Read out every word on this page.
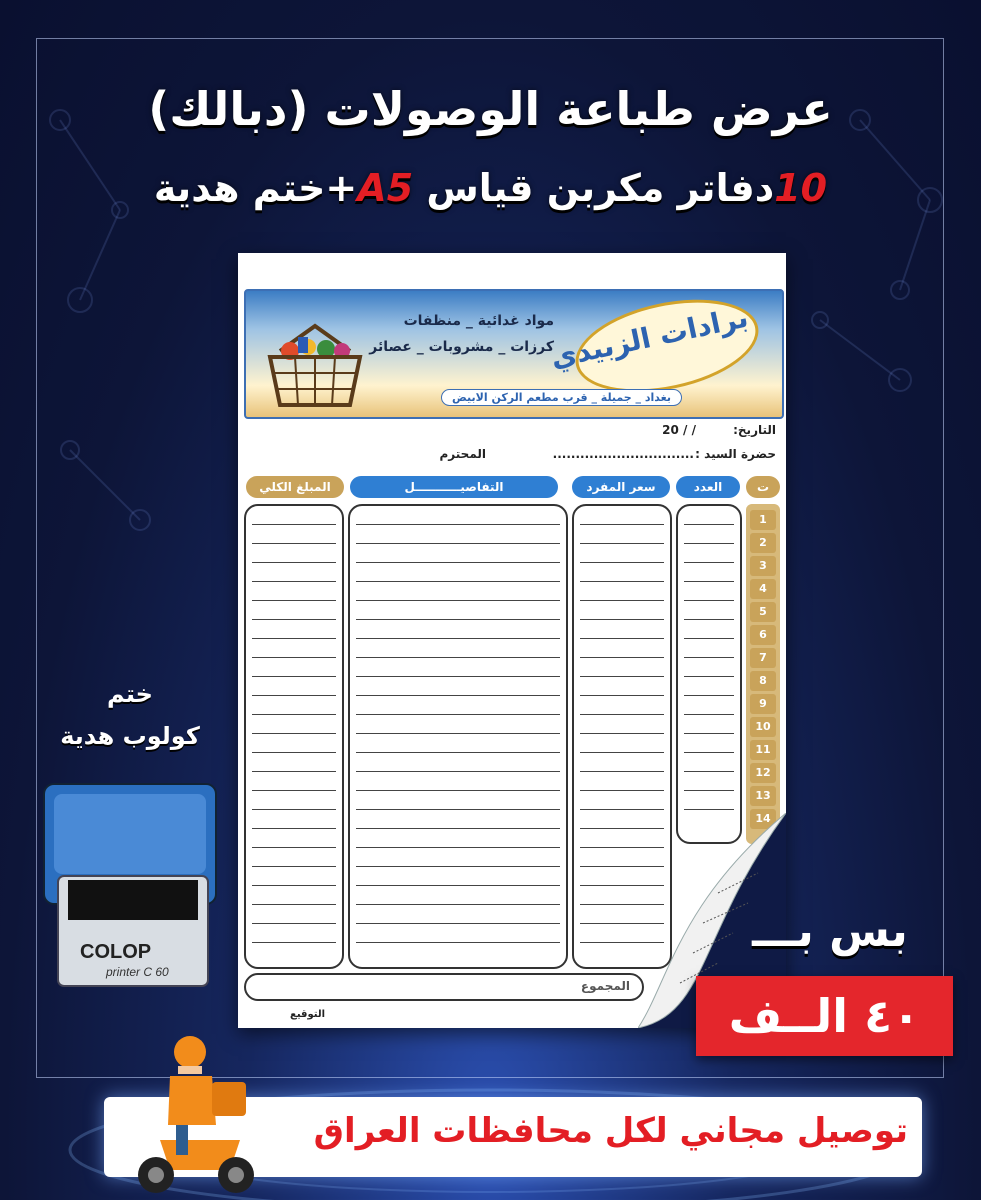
عرض طباعة الوصولات (دبالك)
10دفاتر مكربن قياس A5+ختم هدية
برادات الزبيدي
مواد غدائية _ منظفات
كرزات _ مشروبات _ عصائر
بغداد _ جميلة _ قرب مطعم الركن الابيض
التاريخ:
/ / 20
حضرة السيد :
...............................
المحترم
ت
العدد
سعر المفرد
التفاصيـــــــــــل
المبلغ الكلي
1
2
3
4
5
6
7
8
9
10
11
12
13
14
المجموع
التوقيع
ختم
كولوب هدية
COLOP
printer C 60
بس بـــ
٤٠ الــف
توصيل مجاني لكل محافظات العراق
